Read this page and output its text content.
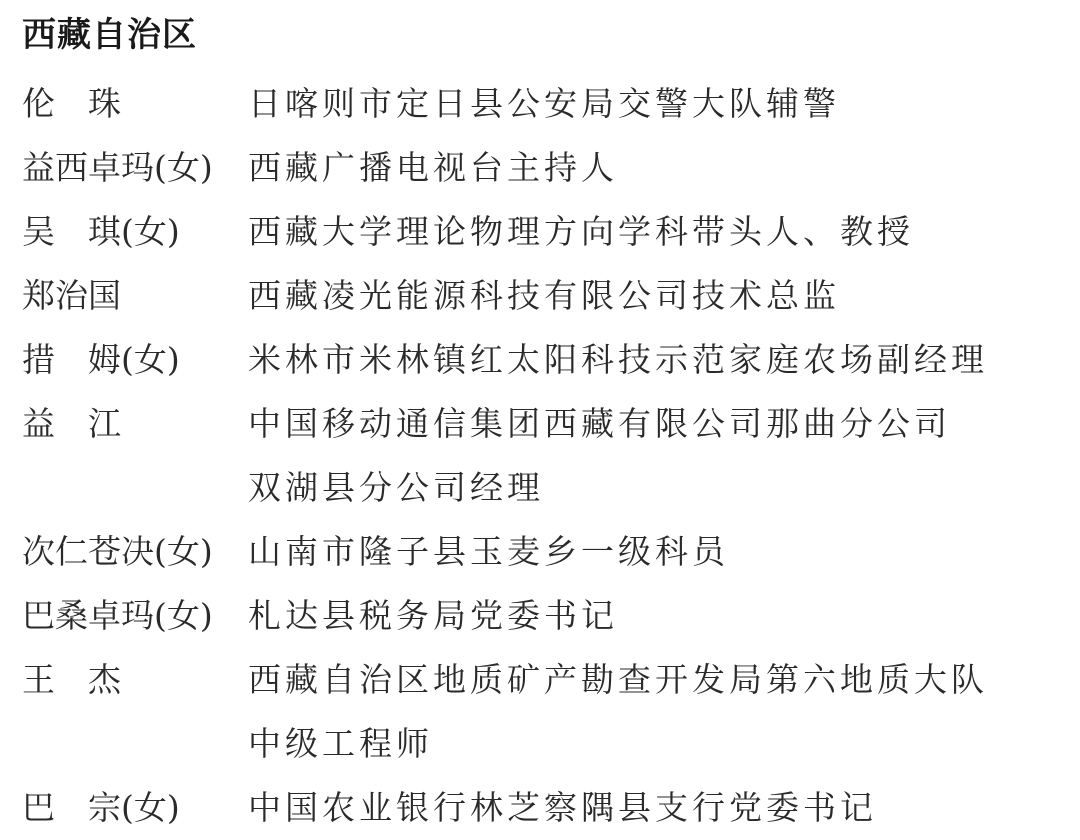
西藏自治区
伦　珠	日喀则市定日县公安局交警大队辅警
益西卓玛(女)	西藏广播电视台主持人
吴　琪(女)	西藏大学理论物理方向学科带头人、教授
郑治国	西藏凌光能源科技有限公司技术总监
措　姆(女)	米林市米林镇红太阳科技示范家庭农场副经理
益　江	中国移动通信集团西藏有限公司那曲分公司
双湖县分公司经理
次仁苍决(女)	山南市隆子县玉麦乡一级科员
巴桑卓玛(女)	札达县税务局党委书记
王　杰	西藏自治区地质矿产勘查开发局第六地质大队
中级工程师
巴　宗(女)	中国农业银行林芝察隅县支行党委书记
